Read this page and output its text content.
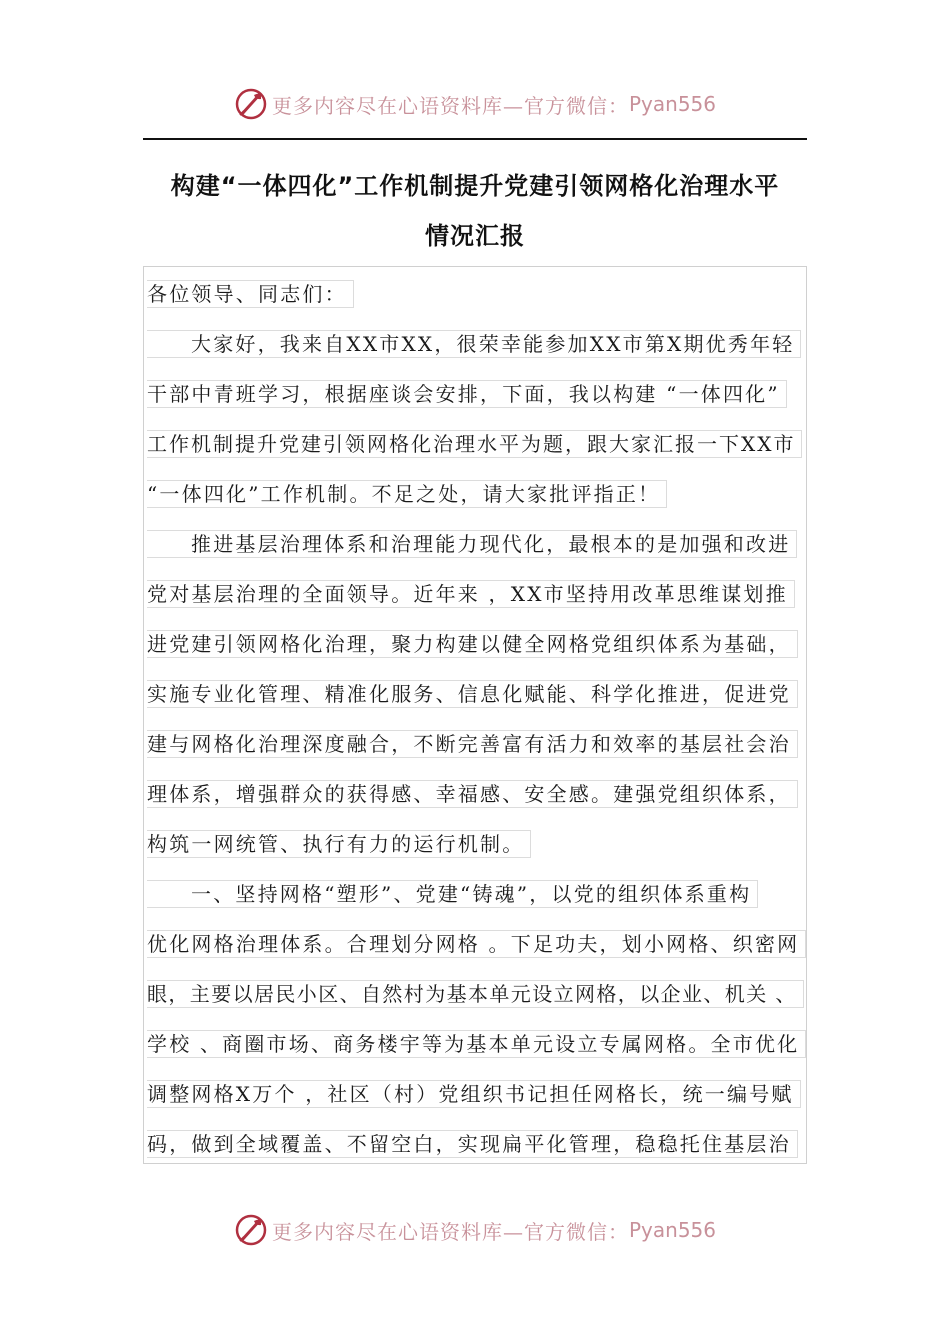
更多内容尽在心语资料库—官方微信： Pyan556
构建“一体四化”工作机制提升党建引领网格化治理水平
情况汇报
各位领导、同志们：
大家好，我来自XX市XX，很荣幸能参加XX市第X期优秀年轻
干部中青班学习，根据座谈会安排，下面，我以构建 “一体四化”
工作机制提升党建引领网格化治理水平为题，跟大家汇报一下XX市
“一体四化”工作机制。不足之处，请大家批评指正！
推进基层治理体系和治理能力现代化，最根本的是加强和改进
党对基层治理的全面领导。近年来 ，XX市坚持用改革思维谋划推
进党建引领网格化治理，聚力构建以健全网格党组织体系为基础，
实施专业化管理、精准化服务、信息化赋能、科学化推进，促进党
建与网格化治理深度融合，不断完善富有活力和效率的基层社会治
理体系，增强群众的获得感、幸福感、安全感。建强党组织体系，
构筑一网统管、执行有力的运行机制。
一、坚持网格“塑形”、党建“铸魂”，以党的组织体系重构
优化网格治理体系。合理划分网格 。下足功夫，划小网格、织密网
眼，主要以居民小区、自然村为基本单元设立网格，以企业、机关 、
学校 、商圈市场、商务楼宇等为基本单元设立专属网格。全市优化
调整网格X万个 ，社区（村）党组织书记担任网格长，统一编号赋
码，做到全域覆盖、不留空白，实现扁平化管理，稳稳托住基层治
更多内容尽在心语资料库—官方微信： Pyan556
